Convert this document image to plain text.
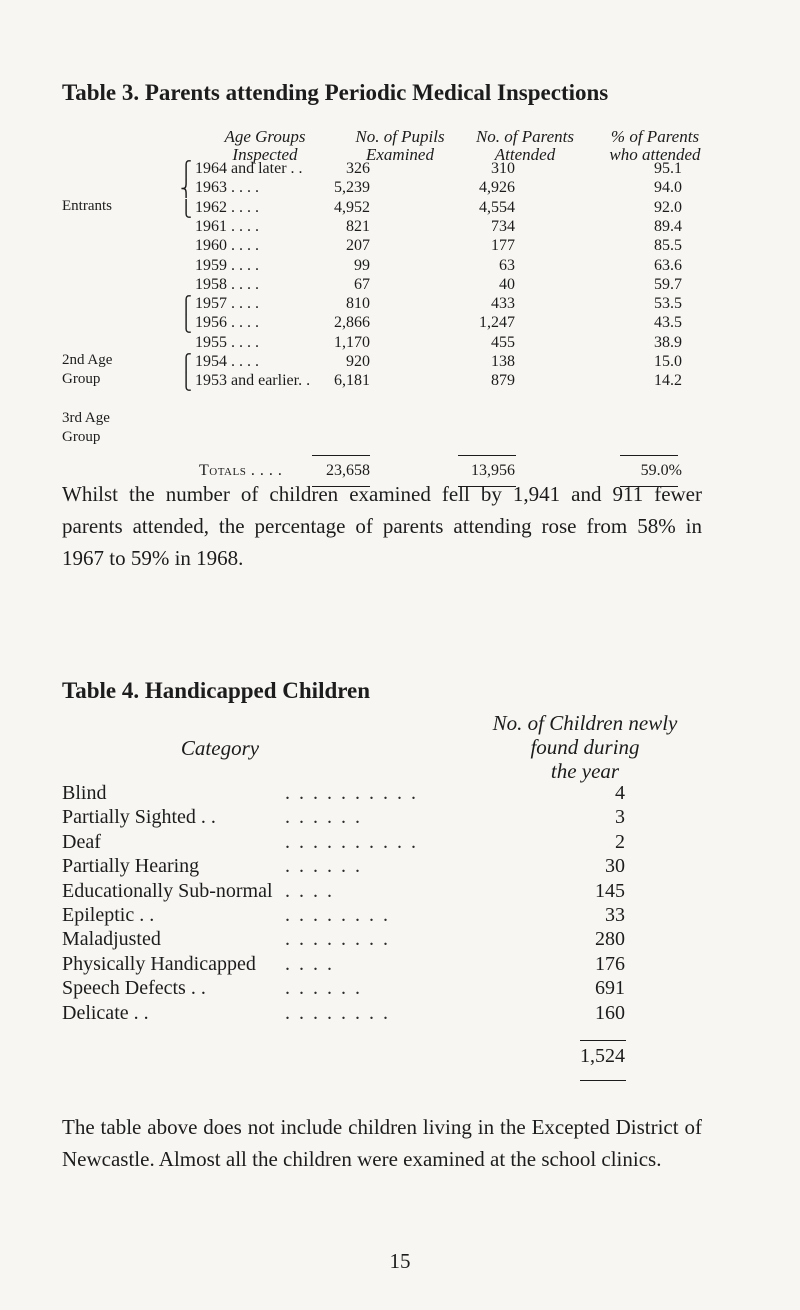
Table 3. Parents attending Periodic Medical Inspections
Age Groups
Inspected
No. of Pupils
Examined
No. of Parents
Attended
% of Parents
who attended
Entrants
2nd Age
Group
3rd Age
Group
⎧ 1964 and later . .	326	310	95.1
⎨ 1963 . . . .	5,239	4,926	94.0
⎩ 1962 . . . .	4,952	4,554	92.0
1961 . . . .	821	734	89.4
1960 . . . .	207	177	85.5
1959 . . . .	99	63	63.6
1958 . . . .	67	40	59.7
⎧ 1957 . . . .	810	433	53.5
⎩ 1956 . . . .	2,866	1,247	43.5
1955 . . . .	1,170	455	38.9
⎧ 1954 . . . .	920	138	15.0
⎩ 1953 and earlier. . 6,181	879	14.2
Totals . . . .	23,658	13,956	59.0%
Whilst the number of children examined fell by 1,941 and 911 fewer parents attended, the percentage of parents attending rose from 58% in 1967 to 59% in 1968.
Table 4. Handicapped Children
Category
No. of Children newly
found during
the year
Blind	. . . . . . . . . .	4
Partially Sighted . .	. . . . . .	3
Deaf	. . . . . . . . . .	2
Partially Hearing	. . . . . .	30
Educationally Sub-normal . . . .	145
Epileptic . .	. . . . . . . .	33
Maladjusted	. . . . . . . .	280
Physically Handicapped . . . .	176
Speech Defects . .	. . . . . .	691
Delicate . .	. . . . . . . .	160
1,524
The table above does not include children living in the Excepted District of Newcastle. Almost all the children were examined at the school clinics.
15
